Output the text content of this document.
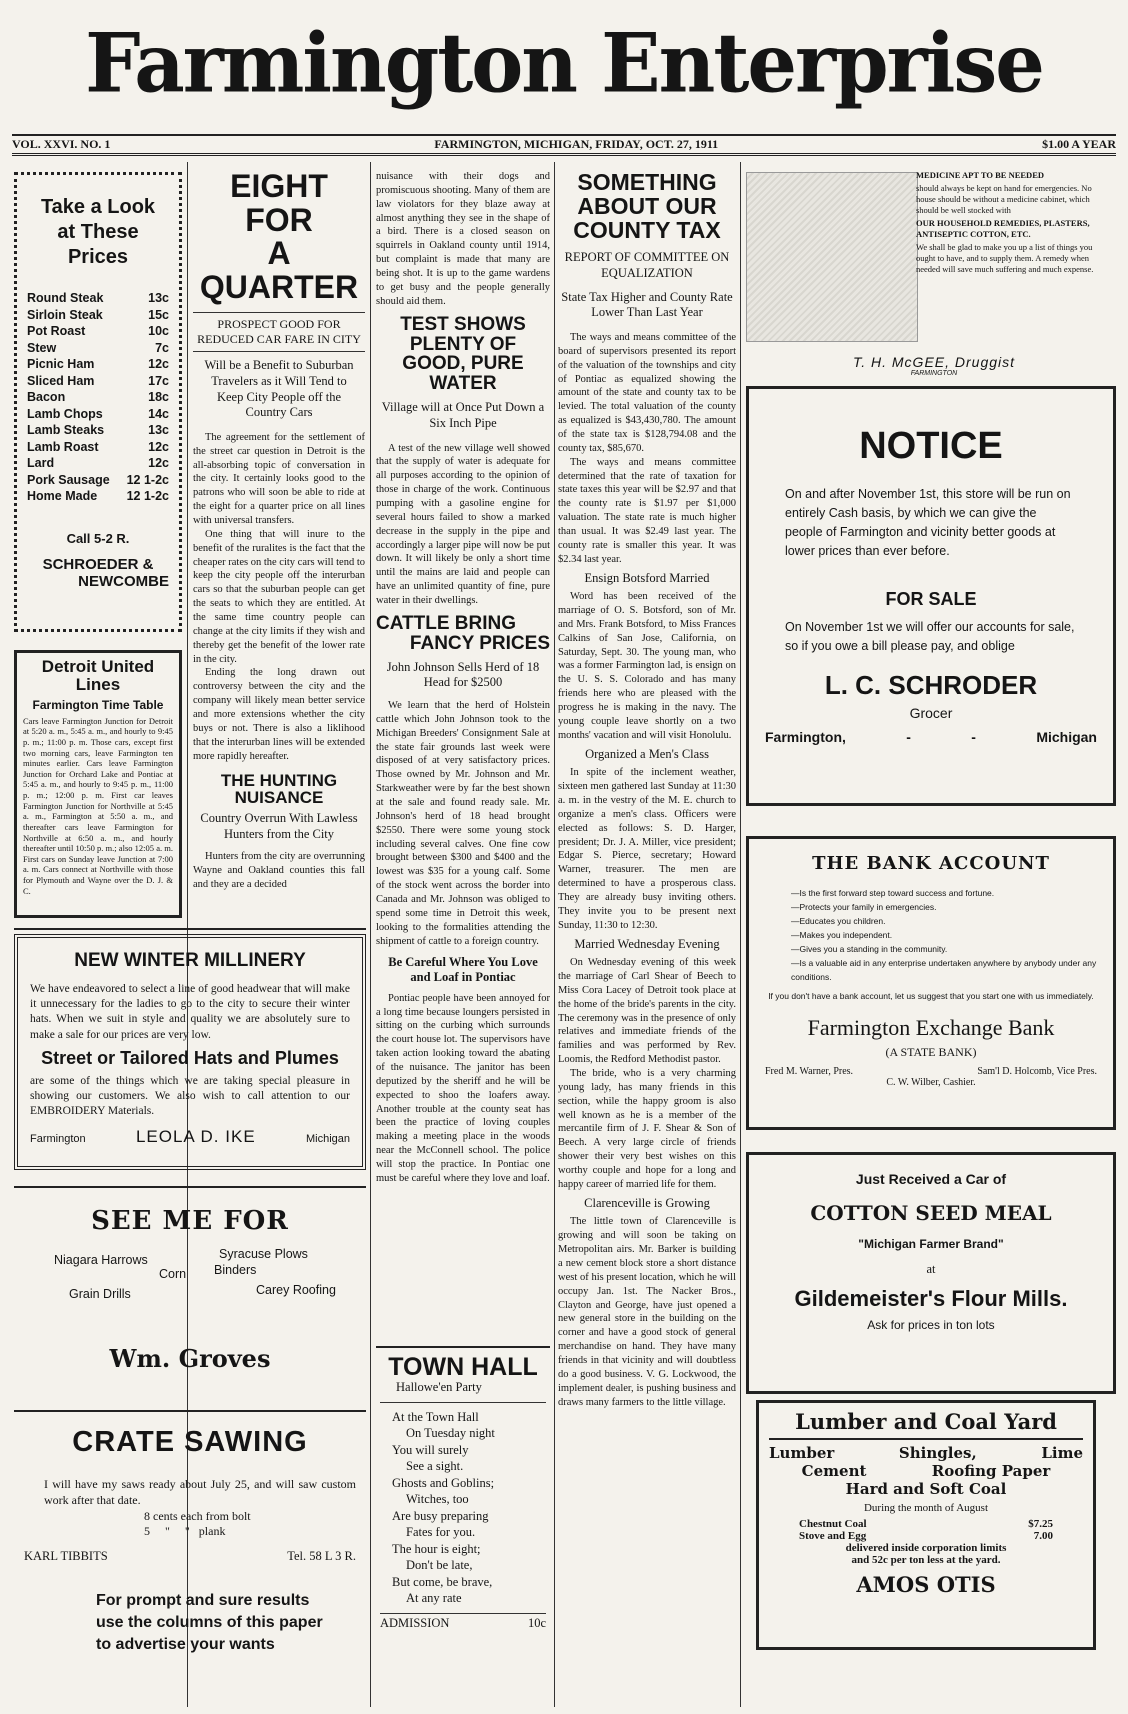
Farmington Enterprise
VOL. XXVI. NO. 1	FARMINGTON, MICHIGAN, FRIDAY, OCT. 27, 1911	$1.00 A YEAR
Take a Look at These Prices
Round Steak	13c
Sirloin Steak	15c
Pot Roast	10c
Stew	7c
Picnic Ham	12c
Sliced Ham	17c
Bacon	18c
Lamb Chops	14c
Lamb Steaks	13c
Lamb Roast	12c
Lard	12c
Pork Sausage 12 1-2c
Home Made 12 1-2c
Call 5-2 R.
SCHROEDER &
NEWCOMBE
Detroit United Lines
Farmington Time Table
Cars leave Farmington Junction for Detroit at 5:20 a. m., 5:45 a. m., and hourly to 9:45 p. m.; 11:00 p. m. Those cars, except first two morning cars, leave Farmington ten minutes earlier. Cars leave Farmington Junction for Orchard Lake and Pontiac at 5:45 a. m., and hourly to 9:45 p. m., 11:00 p. m.; 12:00 p. m. First car leaves Farmington Junction for Northville at 5:45 a. m., Farmington at 5:50 a. m., and thereafter cars leave Farmington for Northville at 6:50 a. m., and hourly thereafter until 10:50 p. m.; also 12:05 a. m. First cars on Sunday leave Junction at 7:00 a. m. Cars connect at Northville with those for Plymouth and Wayne over the D. J. & C.
NEW WINTER MILLINERY
We have endeavored to select a line of good headwear that will make it unnecessary for the ladies to go to the city to secure their winter hats. When we suit in style and quality we are absolutely sure to make a sale for our prices are very low.
Street or Tailored Hats and Plumes
are some of the things which we are taking special pleasure in showing our customers. We also wish to call attention to our EMBROIDERY Materials.
Farmington	LEOLA D. IKE	Michigan
SEE ME FOR
Niagara Harrows	Syracuse Plows
Corn Binders
Grain Drills	Carey Roofing
Wm. Groves
CRATE SAWING
I will have my saws ready about July 25, and will saw custom work after that date.
8 cents each from bolt
5     "     "   plank
KARL TIBBITS	Tel. 58 L 3 R.
For prompt and sure results use the columns of this paper to advertise your wants
EIGHT FOR
A QUARTER
PROSPECT GOOD FOR REDUCED CAR FARE IN CITY
Will be a Benefit to Suburban Travelers as it Will Tend to Keep City People off the Country Cars
The agreement for the settlement of the street car question in Detroit is the all-absorbing topic of conversation in the city. It certainly looks good to the patrons who will soon be able to ride at the eight for a quarter price on all lines with universal transfers.
One thing that will inure to the benefit of the ruralites is the fact that the cheaper rates on the city cars will tend to keep the city people off the interurban cars so that the suburban people can get the seats to which they are entitled. At the same time country people can change at the city limits if they wish and thereby get the benefit of the lower rate in the city.
Ending the long drawn out controversy between the city and the company will likely mean better service and more extensions whether the city buys or not. There is also a liklihood that the interurban lines will be extended more rapidly hereafter.
THE HUNTING NUISANCE
Country Overrun With Lawless Hunters from the City
Hunters from the city are overrunning Wayne and Oakland counties this fall and they are a decided
nuisance with their dogs and promiscuous shooting. Many of them are law violators for they blaze away at almost anything they see in the shape of a bird. There is a closed season on squirrels in Oakland county until 1914, but complaint is made that many are being shot. It is up to the game wardens to get busy and the people generally should aid them.
TEST SHOWS PLENTY OF GOOD, PURE WATER
Village will at Once Put Down a Six Inch Pipe
A test of the new village well showed that the supply of water is adequate for all purposes according to the opinion of those in charge of the work. Continuous pumping with a gasoline engine for several hours failed to show a marked decrease in the supply in the pipe and accordingly a larger pipe will now be put down. It will likely be only a short time until the mains are laid and people can have an unlimited quantity of fine, pure water in their dwellings.
CATTLE BRING
FANCY PRICES
John Johnson Sells Herd of 18 Head for $2500
We learn that the herd of Holstein cattle which John Johnson took to the Michigan Breeders' Consignment Sale at the state fair grounds last week were disposed of at very satisfactory prices. Those owned by Mr. Johnson and Mr. Starkweather were by far the best shown at the sale and found ready sale. Mr. Johnson's herd of 18 head brought $2550. There were some young stock including several calves. One fine cow brought between $300 and $400 and the lowest was $35 for a young calf. Some of the stock went across the border into Canada and Mr. Johnson was obliged to spend some time in Detroit this week, looking to the formalities attending the shipment of cattle to a foreign country.
Be Careful Where You Love and Loaf in Pontiac
Pontiac people have been annoyed for a long time because loungers persisted in sitting on the curbing which surrounds the court house lot. The supervisors have taken action looking toward the abating of the nuisance. The janitor has been deputized by the sheriff and he will be expected to shoo the loafers away. Another trouble at the county seat has been the practice of loving couples making a meeting place in the woods near the McConnell school. The police will stop the practice. In Pontiac one must be careful where they love and loaf.
TOWN HALL
Hallowe'en Party
At the Town Hall
On Tuesday night
You will surely
See a sight.
Ghosts and Goblins;
Witches, too
Are busy preparing
Fates for you.
The hour is eight;
Don't be late,
But come, be brave,
At any rate
ADMISSION	10c
SOMETHING ABOUT OUR COUNTY TAX
REPORT OF COMMITTEE ON EQUALIZATION
State Tax Higher and County Rate Lower Than Last Year
The ways and means committee of the board of supervisors presented its report of the valuation of the townships and city of Pontiac as equalized showing the amount of the state and county tax to be levied. The total valuation of the county as equalized is $43,430,780. The amount of the state tax is $128,794.08 and the county tax, $85,670.
The ways and means committee determined that the rate of taxation for state taxes this year will be $2.97 and that the county rate is $1.97 per $1,000 valuation. The state rate is much higher than usual. It was $2.49 last year. The county rate is smaller this year. It was $2.34 last year.
Ensign Botsford Married
Word has been received of the marriage of O. S. Botsford, son of Mr. and Mrs. Frank Botsford, to Miss Frances Calkins of San Jose, California, on Saturday, Sept. 30. The young man, who was a former Farmington lad, is ensign on the U. S. S. Colorado and has many friends here who are pleased with the progress he is making in the navy. The young couple leave shortly on a two months' vacation and will visit Honolulu.
Organized a Men's Class
In spite of the inclement weather, sixteen men gathered last Sunday at 11:30 a. m. in the vestry of the M. E. church to organize a men's class. Officers were elected as follows: S. D. Harger, president; Dr. J. A. Miller, vice president; Edgar S. Pierce, secretary; Howard Warner, treasurer. The men are determined to have a prosperous class. They are already busy inviting others. They invite you to be present next Sunday, 11:30 to 12:30.
Married Wednesday Evening
On Wednesday evening of this week the marriage of Carl Shear of Beech to Miss Cora Lacey of Detroit took place at the home of the bride's parents in the city. The ceremony was in the presence of only relatives and immediate friends of the families and was performed by Rev. Loomis, the Redford Methodist pastor.
The bride, who is a very charming young lady, has many friends in this section, while the happy groom is also well known as he is a member of the mercantile firm of J. F. Shear & Son of Beech. A very large circle of friends shower their very best wishes on this worthy couple and hope for a long and happy career of married life for them.
Clarenceville is Growing
The little town of Clarenceville is growing and will soon be taking on Metropolitan airs. Mr. Barker is building a new cement block store a short distance west of his present location, which he will occupy Jan. 1st. The Nacker Bros., Clayton and George, have just opened a new general store in the building on the corner and have a good stock of general merchandise on hand. They have many friends in that vicinity and will doubtless do a good business. V. G. Lockwood, the implement dealer, is pushing business and draws many farmers to the little village.
MEDICINE APT TO BE NEEDED
should always be kept on hand for emergencies. No house should be without a medicine cabinet, which should be well stocked with
OUR HOUSEHOLD REMEDIES, PLASTERS, ANTISEPTIC COTTON, ETC.
We shall be glad to make you up a list of things you ought to have, and to supply them. A remedy when needed will save much suffering and much expense.
T. H. McGEE, Druggist
FARMINGTON
NOTICE
On and after November 1st, this store will be run on entirely Cash basis, by which we can give the people of Farmington and vicinity better goods at lower prices than ever before.
FOR SALE
On November 1st we will offer our accounts for sale, so if you owe a bill please pay, and oblige
L. C. SCHRODER
Grocer
Farmington,	-	-	Michigan
THE BANK ACCOUNT
—Is the first forward step toward success and fortune.
—Protects your family in emergencies.
—Educates you children.
—Makes you independent.
—Gives you a standing in the community.
—Is a valuable aid in any enterprise undertaken anywhere by anybody under any conditions.
If you don't have a bank account, let us suggest that you start one with us immediately.
Farmington Exchange Bank
(A STATE BANK)
Fred M. Warner, Pres.	Sam'l D. Holcomb, Vice Pres.
C. W. Wilber, Cashier.
Just Received a Car of
COTTON SEED MEAL
"Michigan Farmer Brand"
at
Gildemeister's Flour Mills.
Ask for prices in ton lots
Lumber and Coal Yard
Lumber	Shingles,	Lime
Cement	Roofing Paper
Hard and Soft Coal
During the month of August
Chestnut Coal	$7.25
Stove and Egg	7.00
delivered inside corporation limits
and 52c per ton less at the yard.
AMOS OTIS
